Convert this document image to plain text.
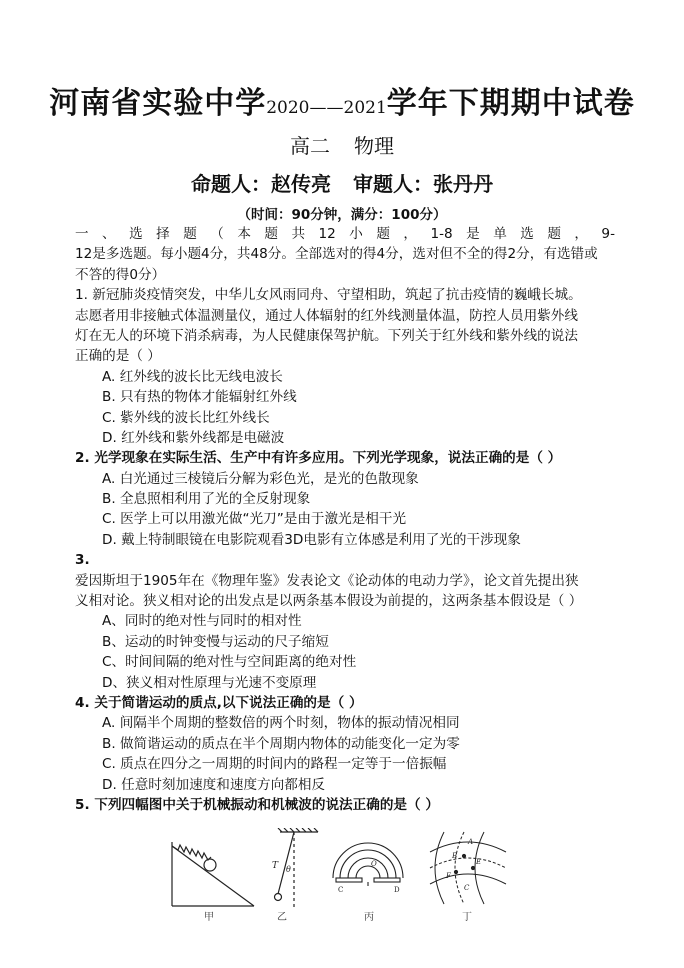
河南省实验中学2020——2021学年下期期中试卷
高二 物理
命题人：赵传亮 审题人：张丹丹
（时间：90分钟，满分：100分）
一、选择题（本题共12小题，1-8是单选题，9-
12是多选题。每小题4分，共48分。全部选对的得4分，选对但不全的得2分，有选错或
不答的得0分）
1. 新冠肺炎疫情突发，中华儿女风雨同舟、守望相助，筑起了抗击疫情的巍峨长城。
志愿者用非接触式体温测量仪，通过人体辐射的红外线测量体温，防控人员用紫外线
灯在无人的环境下消杀病毒，为人民健康保驾护航。下列关于红外线和紫外线的说法
正确的是（ ）
A. 红外线的波长比无线电波长
B. 只有热的物体才能辐射红外线
C. 紫外线的波长比红外线长
D. 红外线和紫外线都是电磁波
2. 光学现象在实际生活、生产中有许多应用。下列光学现象，说法正确的是（ ）
A. 白光通过三棱镜后分解为彩色光，是光的色散现象
B. 全息照相利用了光的全反射现象
C. 医学上可以用激光做“光刀”是由于激光是相干光
D. 戴上特制眼镜在电影院观看3D电影有立体感是利用了光的干涉现象
3.
爱因斯坦于1905年在《物理年鉴》发表论文《论动体的电动力学》，论文首先提出狭
义相对论。狭义相对论的出发点是以两条基本假设为前提的，这两条基本假设是（ ）
A、同时的绝对性与同时的相对性
B、运动的时钟变慢与运动的尺子缩短
C、时间间隔的绝对性与空间距离的绝对性
D、狭义相对性原理与光速不变原理
4. 关于简谐运动的质点,以下说法正确的是（ ）
A. 间隔半个周期的整数倍的两个时刻，物体的振动情况相同
B. 做简谐运动的质点在半个周期内物体的动能变化一定为零
C. 质点在四分之一周期的时间内的路程一定等于一倍振幅
D. 任意时刻加速度和速度方向都相反
5. 下列四幅图中关于机械振动和机械波的说法正确的是（ ）
T θ
O
C	D
A
B
E
F
C
甲	乙	丙	丁
